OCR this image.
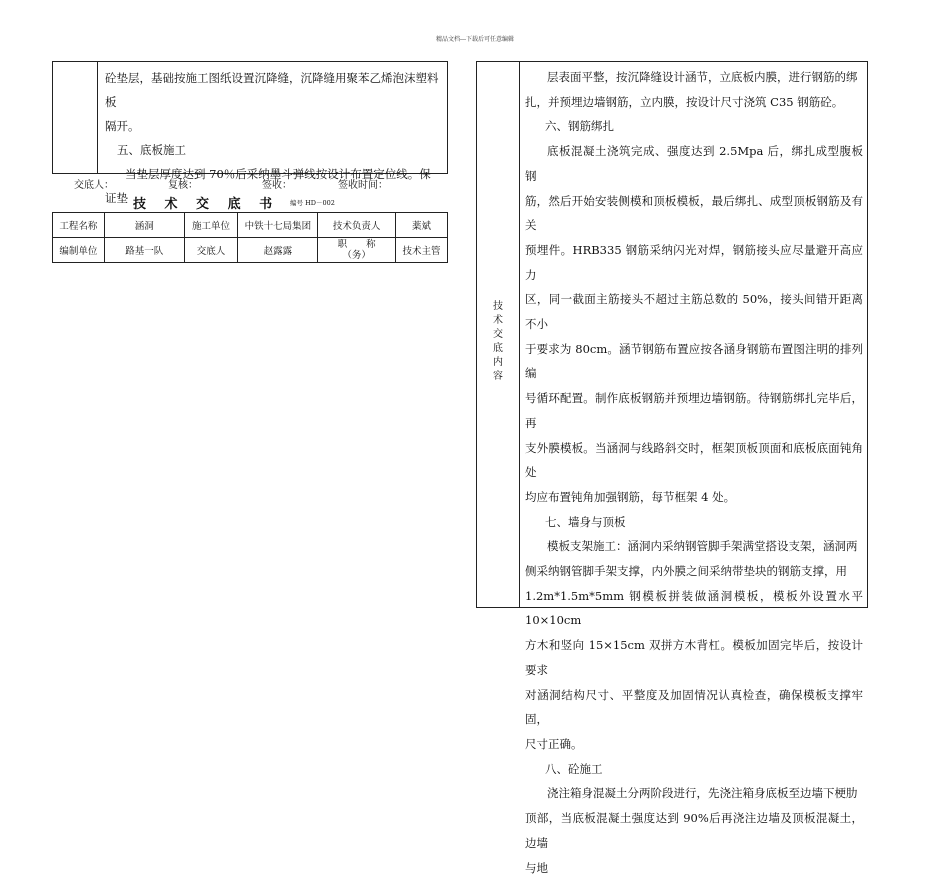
精品文档---下载后可任意编辑

砼垫层，基础按施工图纸设置沉降缝，沉降缝用聚苯乙烯泡沫塑料板

隔开。

五、底板施工

当垫层厚度达到 70％后采纳墨斗弹线按设计布置定位线。保证垫

交底人：	复核：	签收：	签收时间：
技 术 交 底 书 编号 HD－002
工程名称	涵洞	施工单位	中铁十七局集团	技术负责人	薬斌
编制单位	路基一队	交底人	赵露露	职　　称
（务）	技术主管
技术交底内容

层表面平整，按沉降缝设计涵节，立底板内膜，进行钢筋的绑

扎，并预埋边墙钢筋，立内膜，按设计尺寸浇筑 C35 钢筋砼。

六、钢筋绑扎

底板混凝土浇筑完成、强度达到 2.5Mpa 后，绑扎成型腹板钢

筋，然后开始安装侧模和顶板模板，最后绑扎、成型顶板钢筋及有关

预埋件。HRB335 钢筋采纳闪光对焊，钢筋接头应尽量避开高应力

区，同一截面主筋接头不超过主筋总数的 50%，接头间错开距离不小

于要求为 80cm。涵节钢筋布置应按各涵身钢筋布置图注明的排列编

号循环配置。制作底板钢筋并预埋边墙钢筋。待钢筋绑扎完毕后，再

支外膜模板。当涵洞与线路斜交时，框架顶板顶面和底板底面钝角处

均应布置钝角加强钢筋，每节框架 4 处。

七、墙身与顶板

模板支架施工：涵洞内采纳钢管脚手架满堂搭设支架，涵洞两

侧采纳钢管脚手架支撑，内外膜之间采纳带垫块的钢筋支撑，用

1.2m*1.5m*5mm 钢模板拼装做涵洞模板，模板外设置水平 10×10cm

方木和竖向 15×15cm 双拼方木背杠。模板加固完毕后，按设计要求

对涵洞结构尺寸、平整度及加固情况认真检查，确保模板支撑牢固，

尺寸正确。

八、砼施工

浇注箱身混凝土分两阶段进行，先浇注箱身底板至边墙下梗肋

顶部，当底板混凝土强度达到 90%后再浇注边墙及顶板混凝土，边墙

与地
